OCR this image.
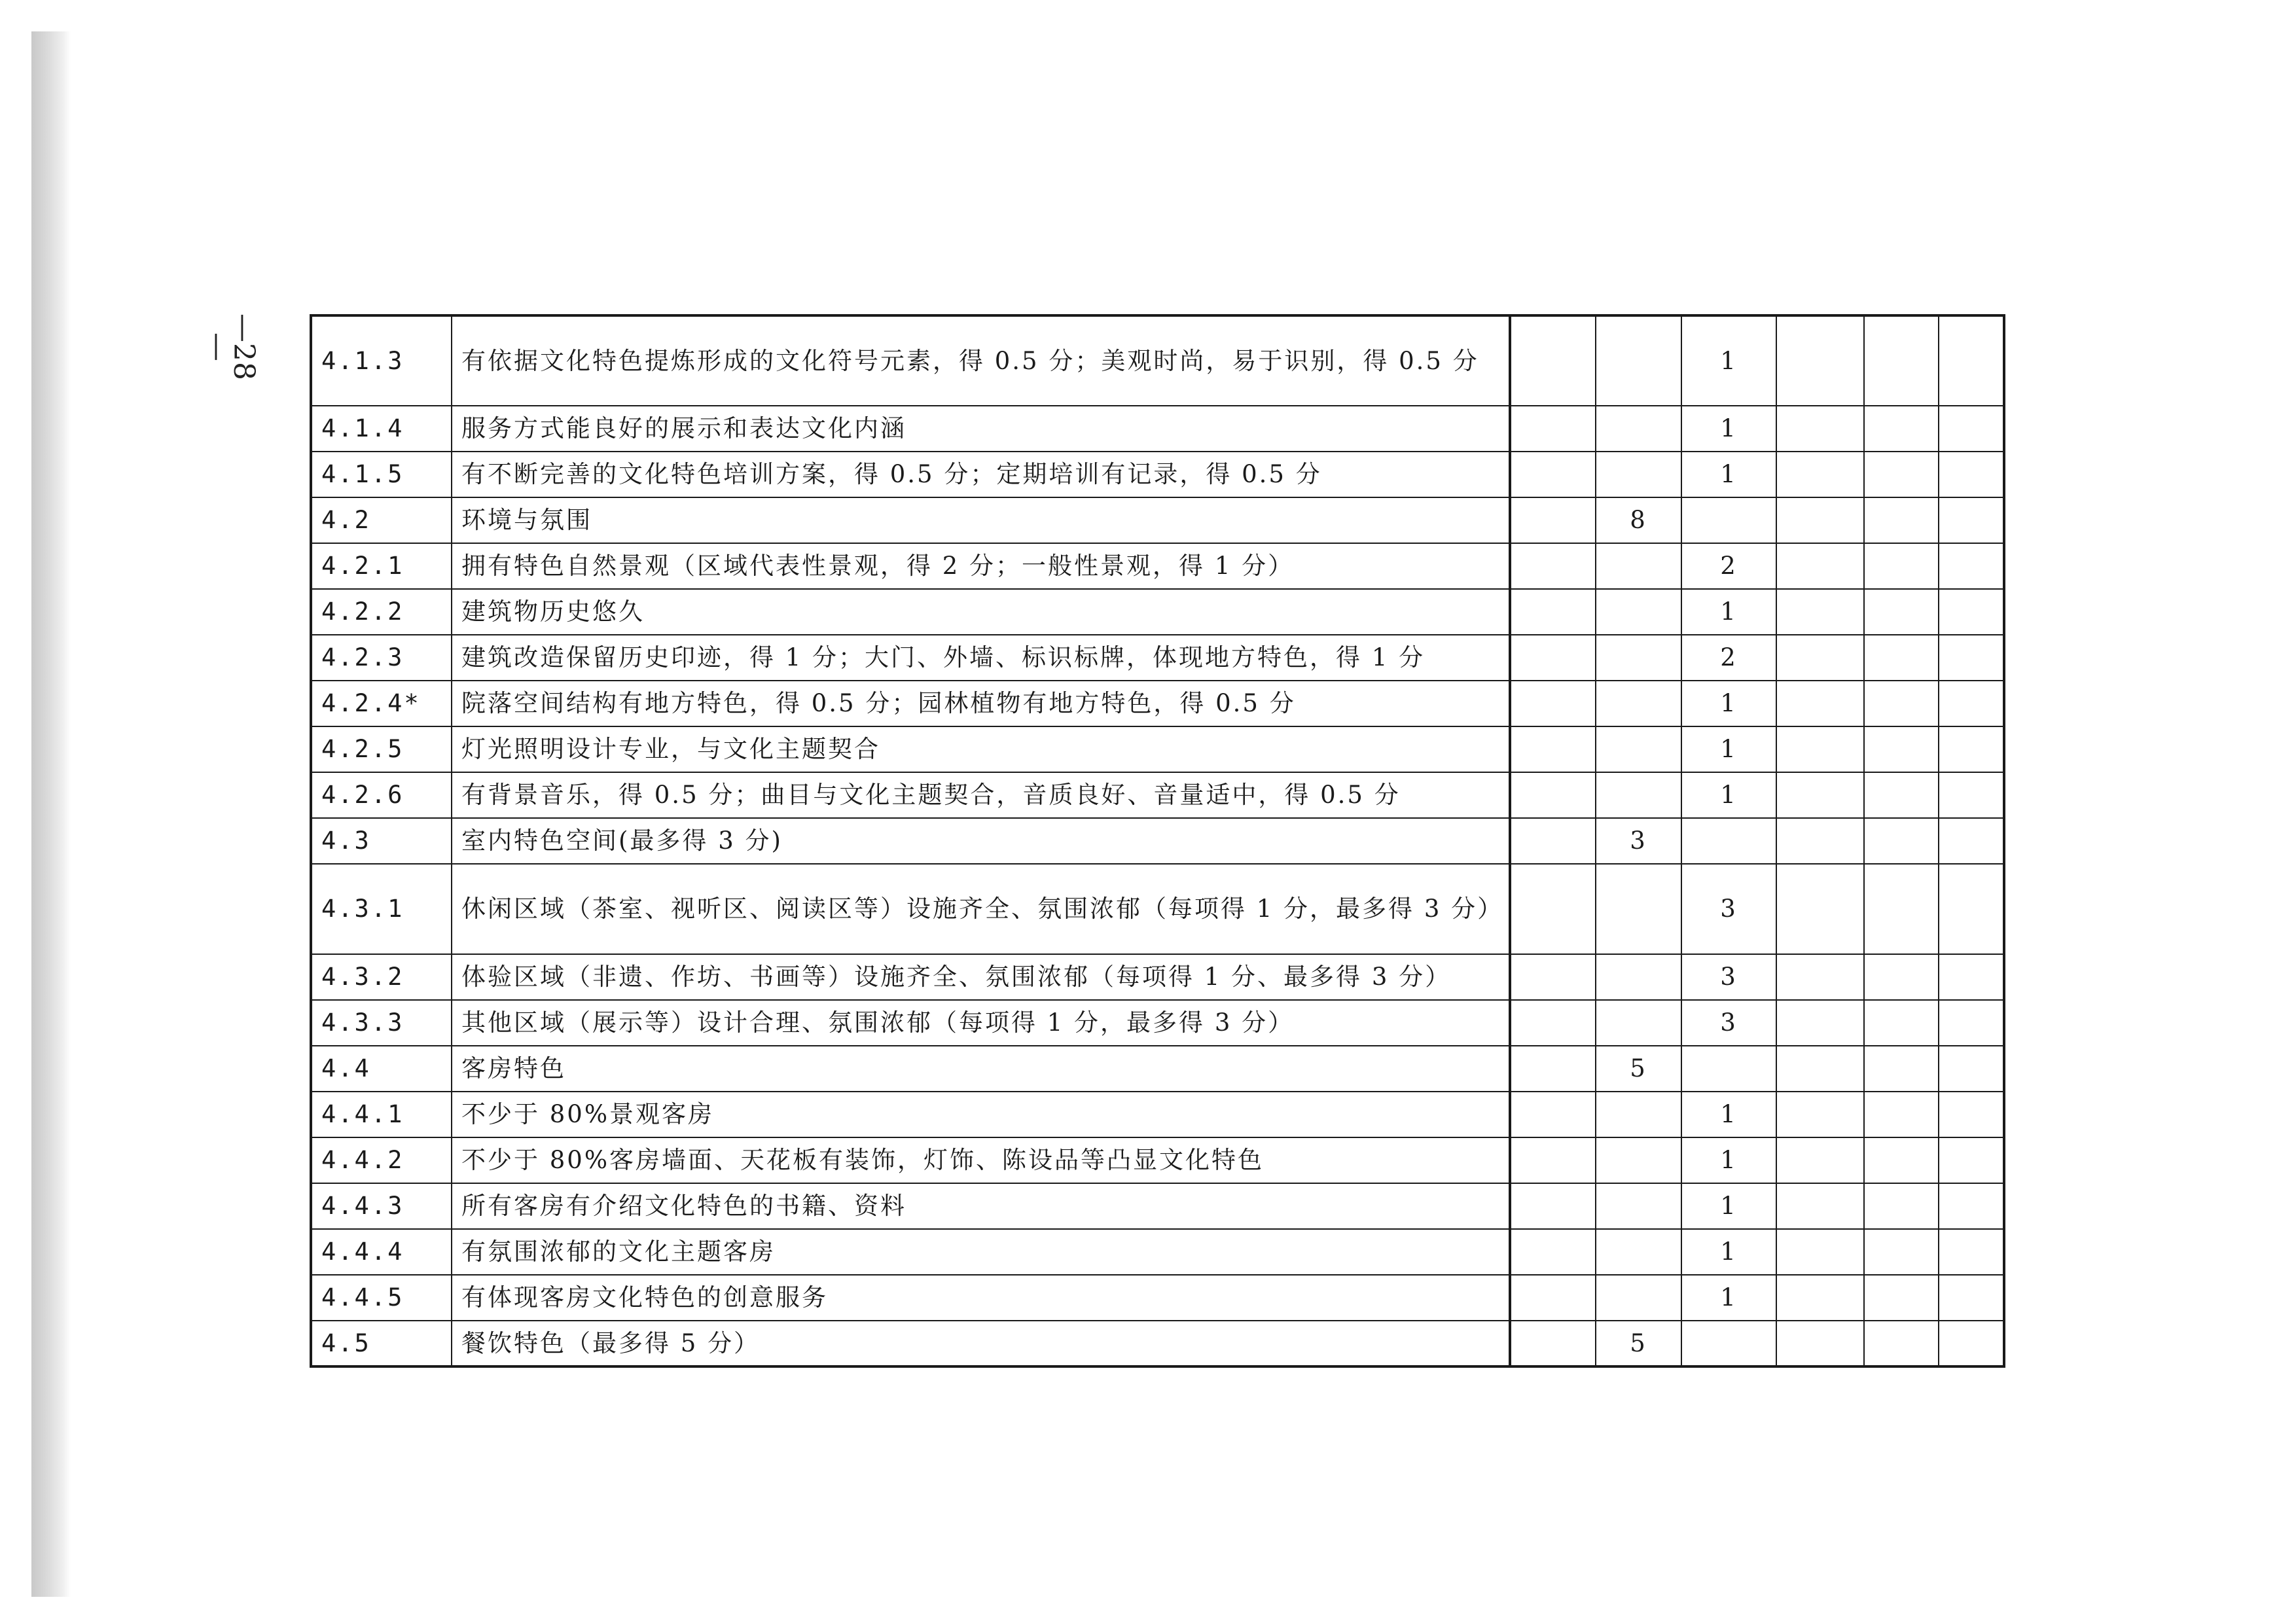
—28—	4.1.3	有依据文化特色提炼形成的文化符号元素，得 0.5 分；美观时尚，易于识别，得 0.5 分			1			
4.1.4	服务方式能良好的展示和表达文化内涵			1			
4.1.5	有不断完善的文化特色培训方案，得 0.5 分；定期培训有记录，得 0.5 分			1			
4.2	环境与氛围		8				
4.2.1	拥有特色自然景观（区域代表性景观，得 2 分；一般性景观，得 1 分）			2			
4.2.2	建筑物历史悠久			1			
4.2.3	建筑改造保留历史印迹，得 1 分；大门、外墙、标识标牌，体现地方特色，得 1 分			2			
4.2.4*	院落空间结构有地方特色，得 0.5 分；园林植物有地方特色，得 0.5 分			1			
4.2.5	灯光照明设计专业，与文化主题契合			1			
4.2.6	有背景音乐，得 0.5 分；曲目与文化主题契合，音质良好、音量适中，得 0.5 分			1			
4.3	室内特色空间(最多得 3 分)		3				
4.3.1	休闲区域（茶室、视听区、阅读区等）设施齐全、氛围浓郁（每项得 1 分，最多得 3 分）			3			
4.3.2	体验区域（非遗、作坊、书画等）设施齐全、氛围浓郁（每项得 1 分、最多得 3 分）			3			
4.3.3	其他区域（展示等）设计合理、氛围浓郁（每项得 1 分，最多得 3 分）			3			
4.4	客房特色		5				
4.4.1	不少于 80%景观客房			1			
4.4.2	不少于 80%客房墙面、天花板有装饰，灯饰、陈设品等凸显文化特色			1			
4.4.3	所有客房有介绍文化特色的书籍、资料			1			
4.4.4	有氛围浓郁的文化主题客房			1			
4.4.5	有体现客房文化特色的创意服务			1			
4.5	餐饮特色（最多得 5 分）		5				
